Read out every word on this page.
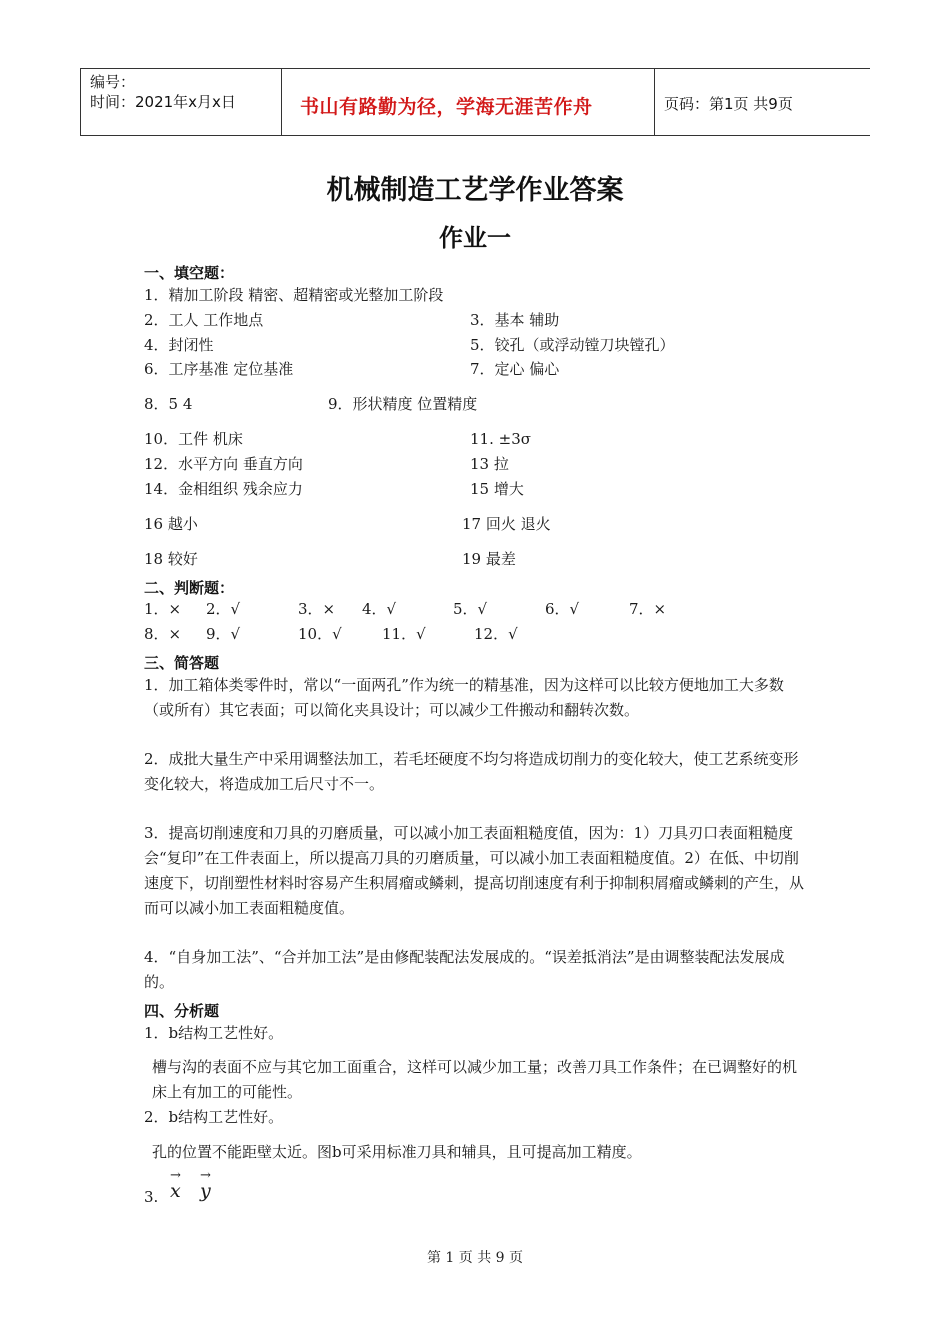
编号：
时间：2021年x月x日	书山有路勤为径，学海无涯苦作舟	页码：第1页 共9页
机械制造工艺学作业答案
作业一
一、填空题：
1．精加工阶段 精密、超精密或光整加工阶段
2．工人 工作地点	3．基本 辅助
4．封闭性	5．铰孔（或浮动镗刀块镗孔）
6．工序基准 定位基准	7．定心 偏心
8．5 4	9．形状精度 位置精度
10．工件 机床	11. ±3σ
12．水平方向 垂直方向	13 拉
14．金相组织 残余应力	15 增大
16 越小	17 回火 退火
18 较好	19 最差
二、判断题：
1．× 2．√	3．× 4．√	5．√	6．√	7．×
8．× 9．√	10．√	11．√	12．√
三、简答题
1．加工箱体类零件时，常以“一面两孔”作为统一的精基准，因为这样可以比较方便地加工大多数（或所有）其它表面；可以简化夹具设计；可以减少工件搬动和翻转次数。
2．成批大量生产中采用调整法加工，若毛坯硬度不均匀将造成切削力的变化较大，使工艺系统变形变化较大，将造成加工后尺寸不一。
3．提高切削速度和刀具的刃磨质量，可以减小加工表面粗糙度值，因为：1）刀具刃口表面粗糙度会“复印”在工件表面上，所以提高刀具的刃磨质量，可以减小加工表面粗糙度值。2）在低、中切削速度下，切削塑性材料时容易产生积屑瘤或鳞刺，提高切削速度有利于抑制积屑瘤或鳞刺的产生，从而可以减小加工表面粗糙度值。
4．“自身加工法”、“合并加工法”是由修配装配法发展成的。“误差抵消法”是由调整装配法发展成的。
四、分析题
1．b结构工艺性好。
槽与沟的表面不应与其它加工面重合，这样可以减少加工量；改善刀具工作条件；在已调整好的机床上有加工的可能性。
2．b结构工艺性好。
孔的位置不能距壁太近。图b可采用标准刀具和辅具，且可提高加工精度。
3.
→
x
→
y
第 1 页 共 9 页
